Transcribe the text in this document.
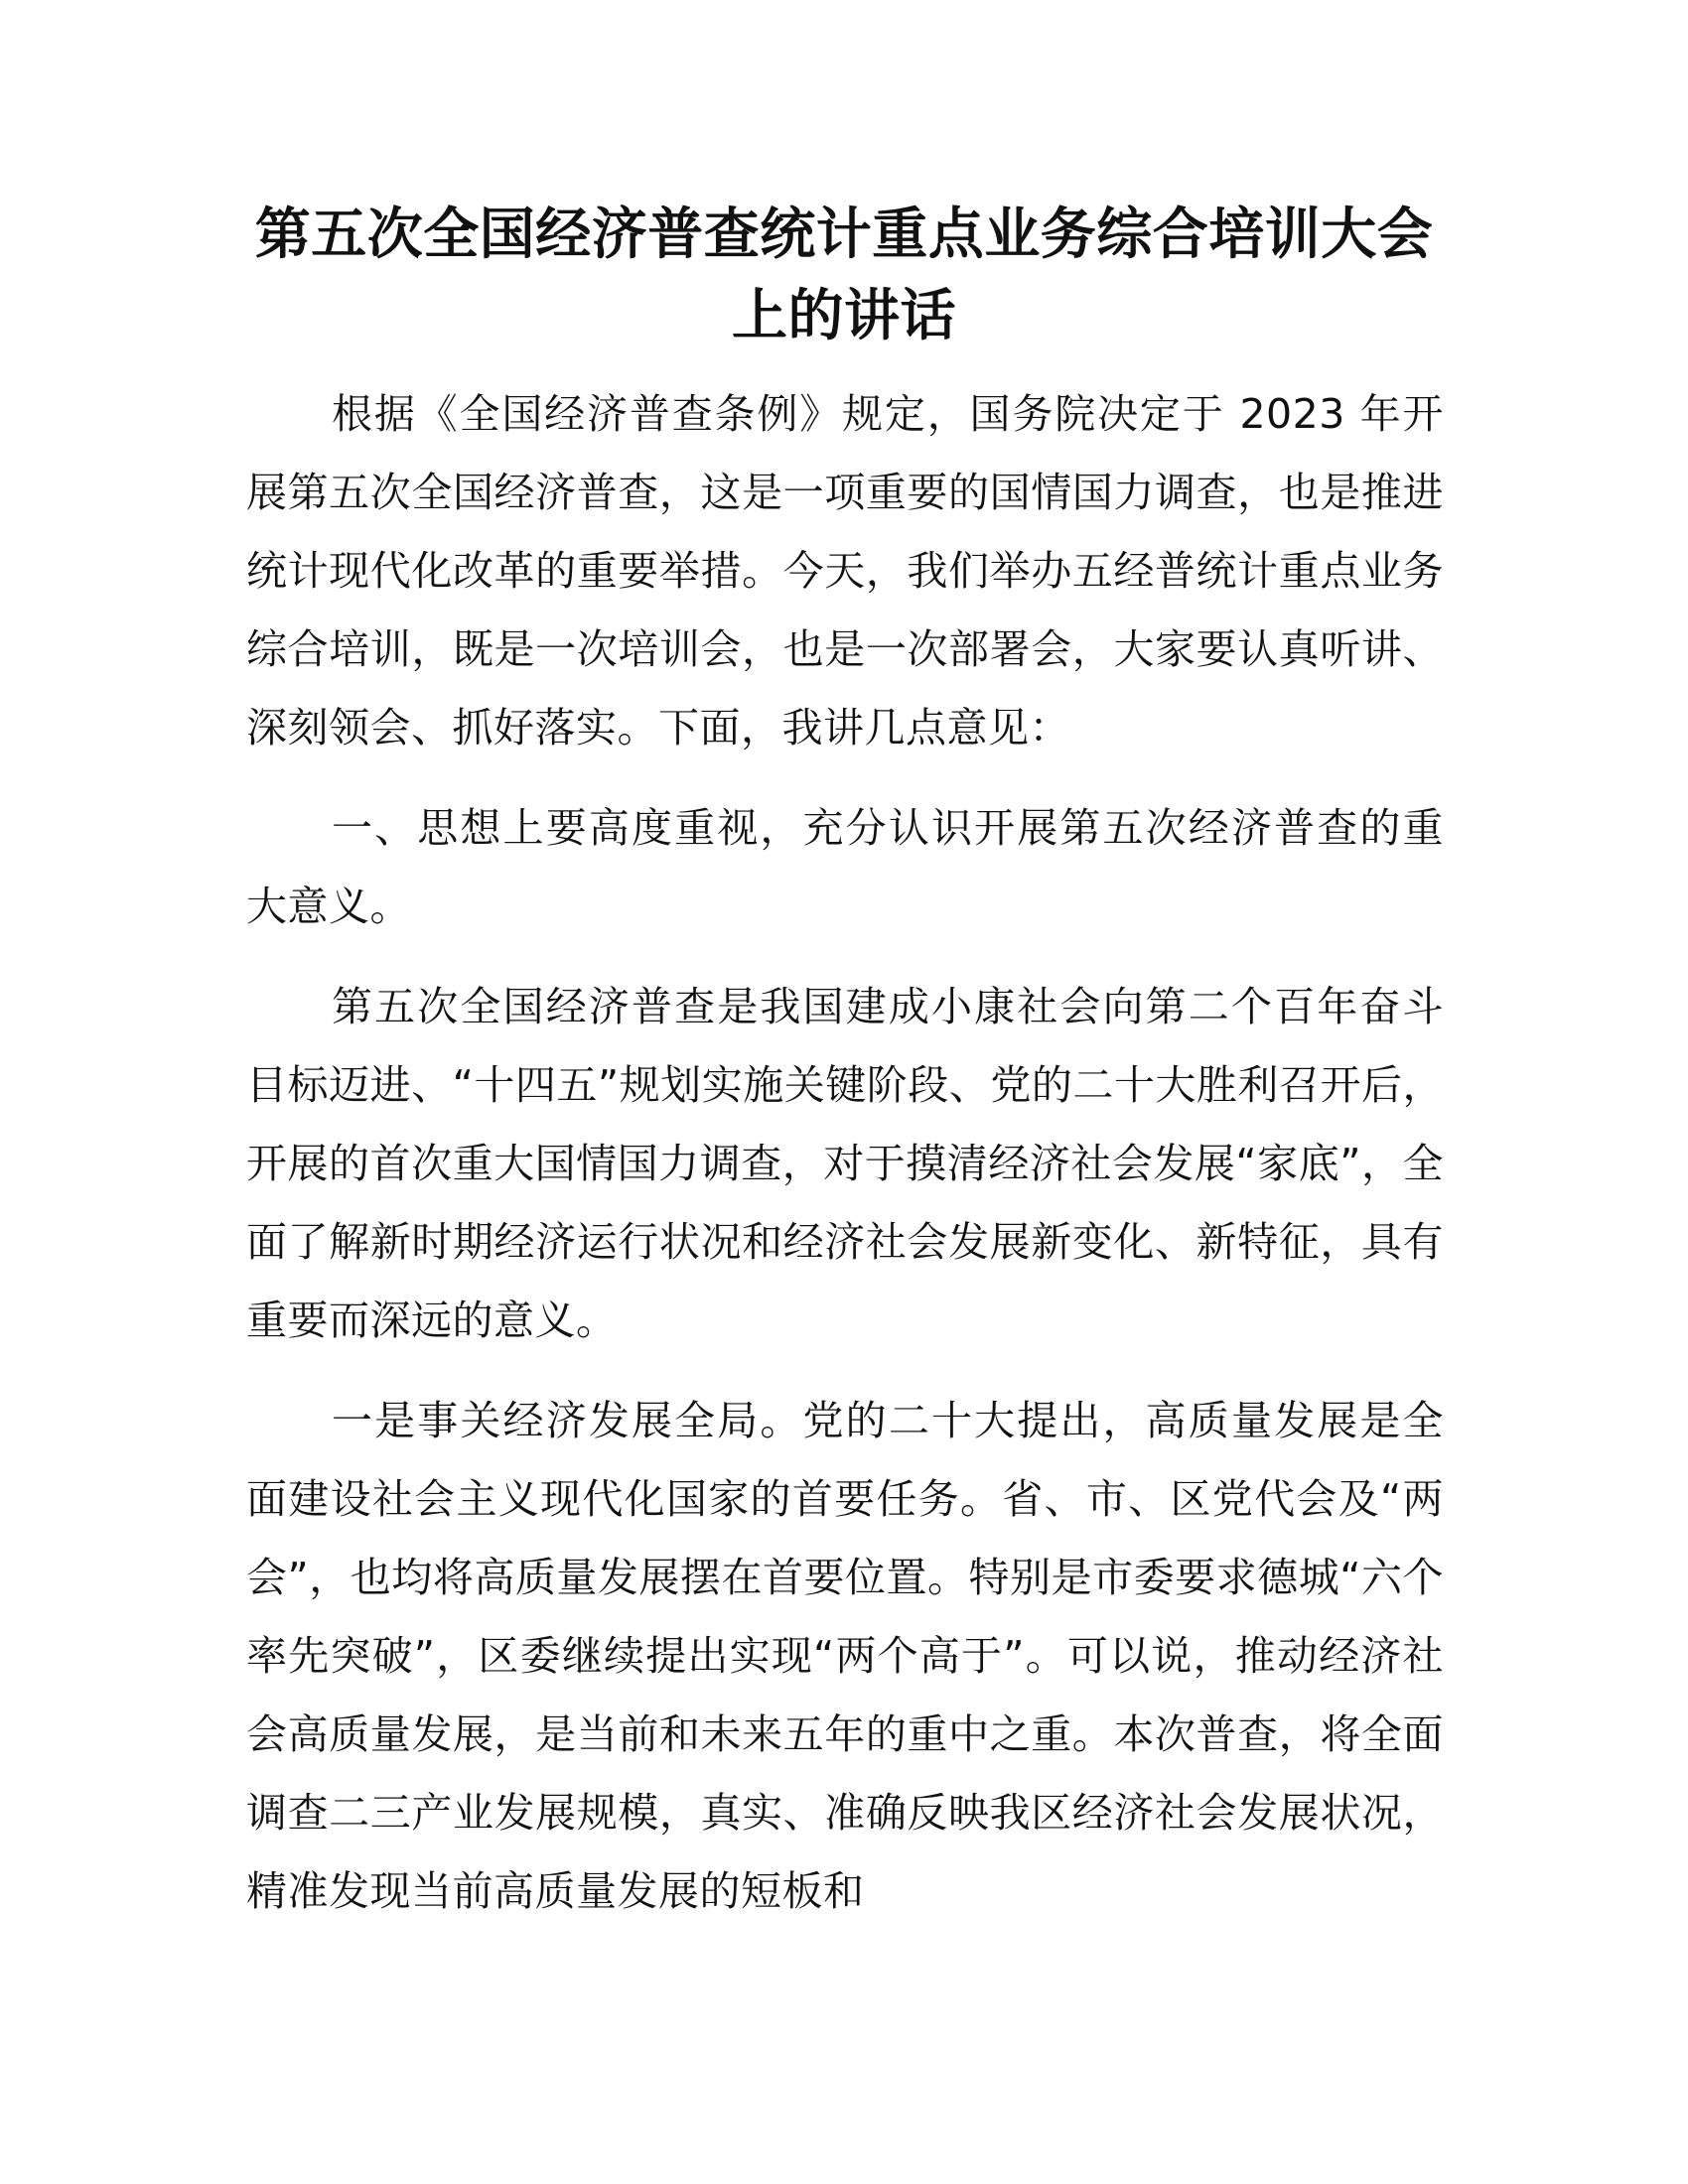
第五次全国经济普查统计重点业务综合培训大会上的讲话

根据《全国经济普查条例》规定，国务院决定于 2023 年开展第五次全国经济普查，这是一项重要的国情国力调查，也是推进统计现代化改革的重要举措。今天，我们举办五经普统计重点业务综合培训，既是一次培训会，也是一次部署会，大家要认真听讲、深刻领会、抓好落实。下面，我讲几点意见：

一、思想上要高度重视，充分认识开展第五次经济普查的重大意义。

第五次全国经济普查是我国建成小康社会向第二个百年奋斗目标迈进、“十四五”规划实施关键阶段、党的二十大胜利召开后，开展的首次重大国情国力调查，对于摸清经济社会发展“家底”，全面了解新时期经济运行状况和经济社会发展新变化、新特征，具有重要而深远的意义。

一是事关经济发展全局。党的二十大提出，高质量发展是全面建设社会主义现代化国家的首要任务。省、市、区党代会及“两会”，也均将高质量发展摆在首要位置。特别是市委要求德城“六个率先突破”，区委继续提出实现“两个高于”。可以说，推动经济社会高质量发展，是当前和未来五年的重中之重。本次普查，将全面调查二三产业发展规模，真实、准确反映我区经济社会发展状况，精准发现当前高质量发展的短板和
